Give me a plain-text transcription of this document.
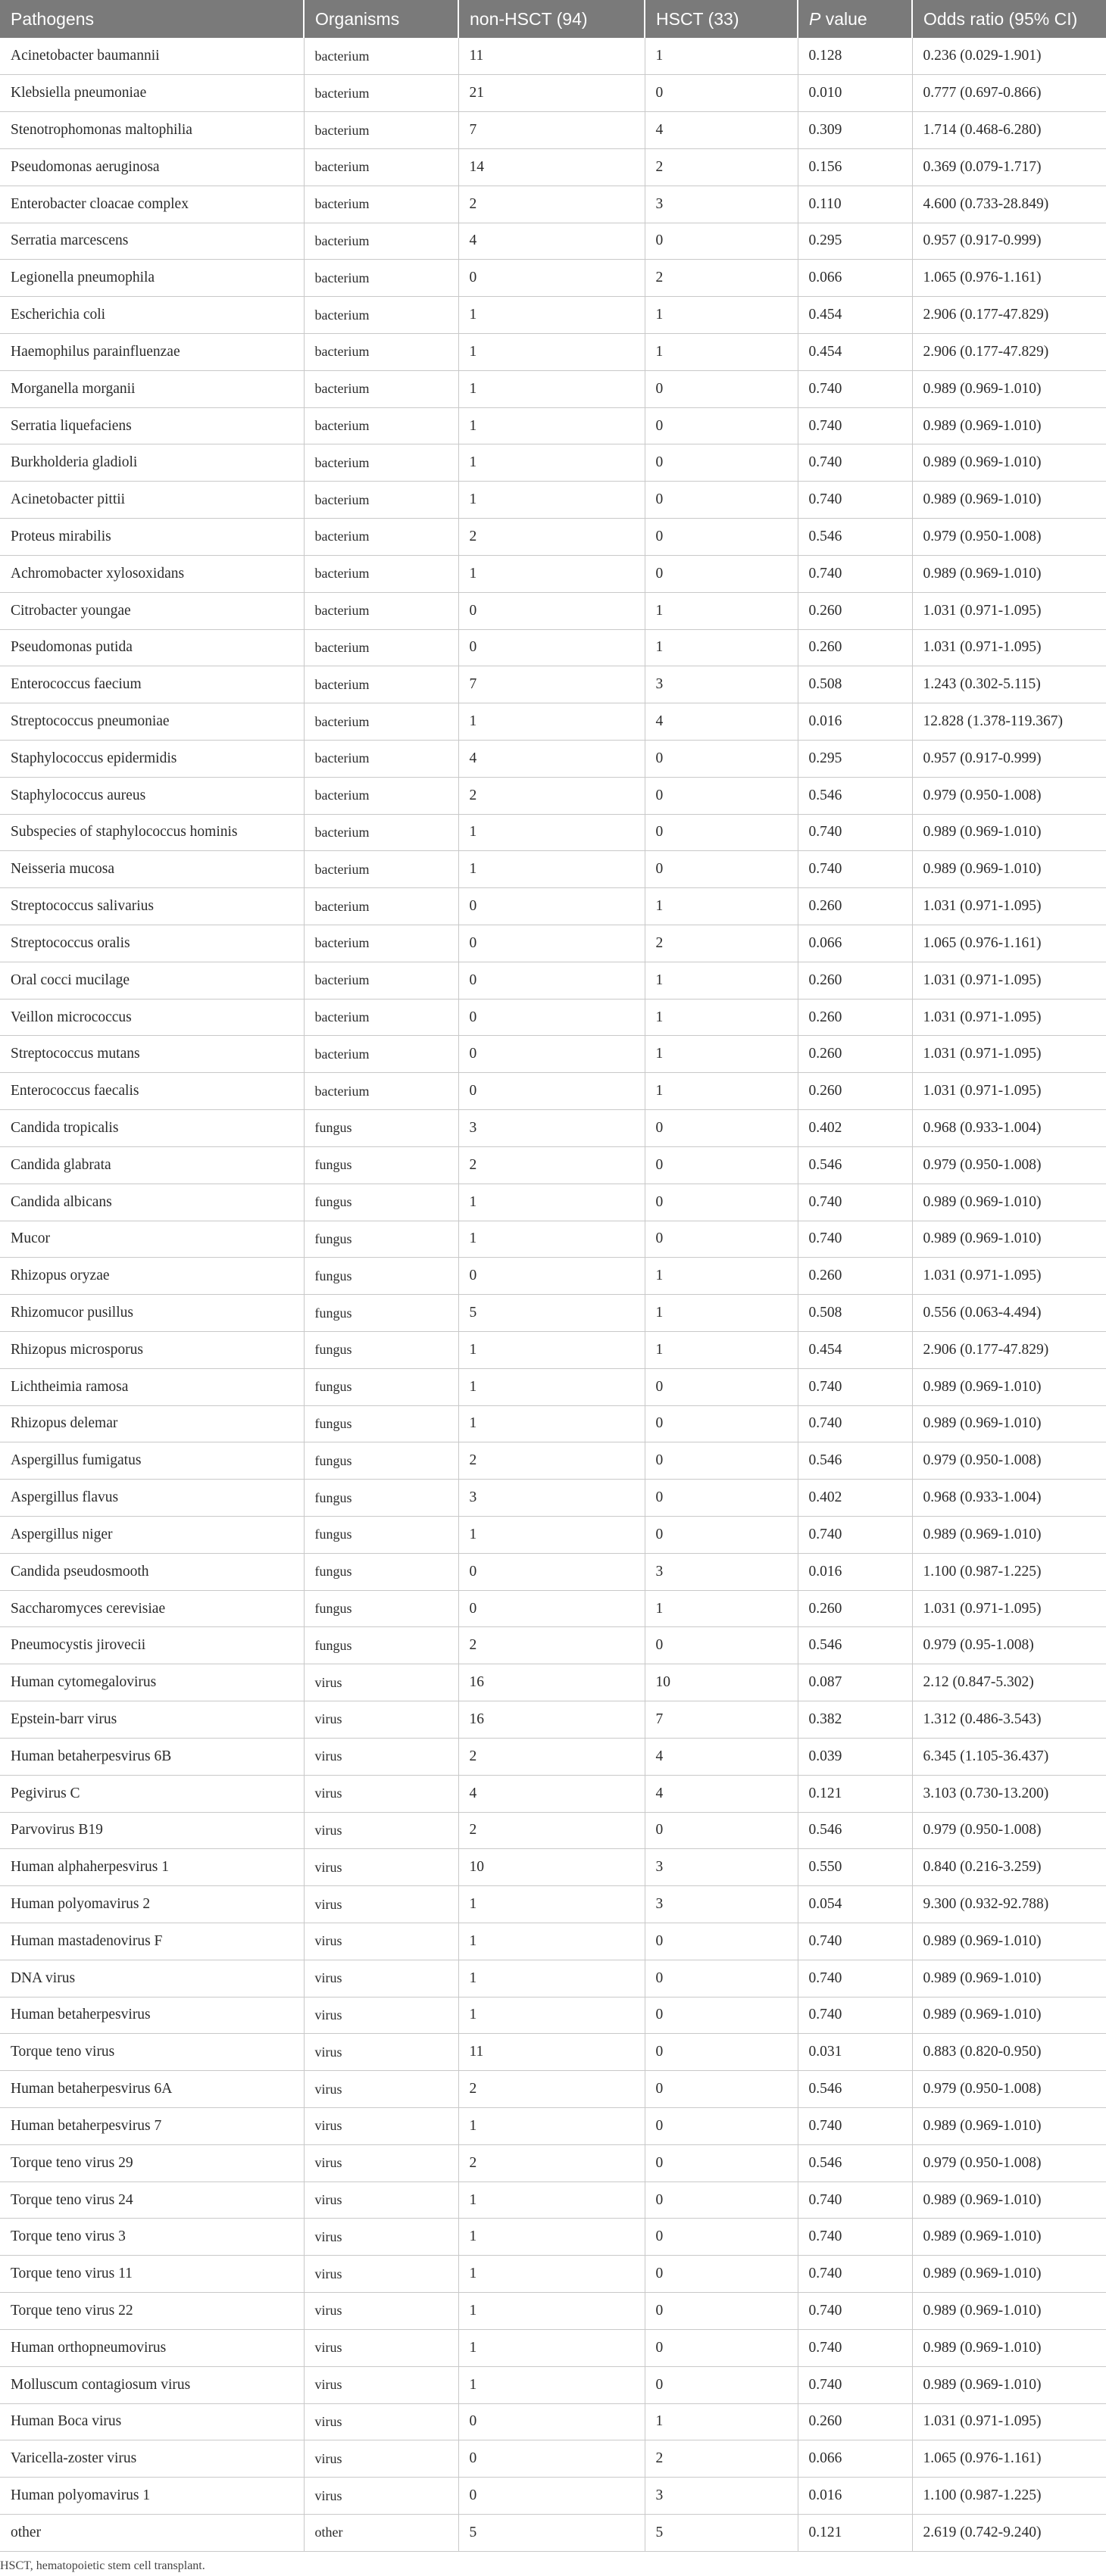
Pathogens	Organisms	non-HSCT (94)	HSCT (33)	P value	Odds ratio (95% CI)
Acinetobacter baumannii	bacterium	11	1	0.128	0.236 (0.029-1.901)
Klebsiella pneumoniae	bacterium	21	0	0.010	0.777 (0.697-0.866)
Stenotrophomonas maltophilia	bacterium	7	4	0.309	1.714 (0.468-6.280)
Pseudomonas aeruginosa	bacterium	14	2	0.156	0.369 (0.079-1.717)
Enterobacter cloacae complex	bacterium	2	3	0.110	4.600 (0.733-28.849)
Serratia marcescens	bacterium	4	0	0.295	0.957 (0.917-0.999)
Legionella pneumophila	bacterium	0	2	0.066	1.065 (0.976-1.161)
Escherichia coli	bacterium	1	1	0.454	2.906 (0.177-47.829)
Haemophilus parainfluenzae	bacterium	1	1	0.454	2.906 (0.177-47.829)
Morganella morganii	bacterium	1	0	0.740	0.989 (0.969-1.010)
Serratia liquefaciens	bacterium	1	0	0.740	0.989 (0.969-1.010)
Burkholderia gladioli	bacterium	1	0	0.740	0.989 (0.969-1.010)
Acinetobacter pittii	bacterium	1	0	0.740	0.989 (0.969-1.010)
Proteus mirabilis	bacterium	2	0	0.546	0.979 (0.950-1.008)
Achromobacter xylosoxidans	bacterium	1	0	0.740	0.989 (0.969-1.010)
Citrobacter youngae	bacterium	0	1	0.260	1.031 (0.971-1.095)
Pseudomonas putida	bacterium	0	1	0.260	1.031 (0.971-1.095)
Enterococcus faecium	bacterium	7	3	0.508	1.243 (0.302-5.115)
Streptococcus pneumoniae	bacterium	1	4	0.016	12.828 (1.378-119.367)
Staphylococcus epidermidis	bacterium	4	0	0.295	0.957 (0.917-0.999)
Staphylococcus aureus	bacterium	2	0	0.546	0.979 (0.950-1.008)
Subspecies of staphylococcus hominis	bacterium	1	0	0.740	0.989 (0.969-1.010)
Neisseria mucosa	bacterium	1	0	0.740	0.989 (0.969-1.010)
Streptococcus salivarius	bacterium	0	1	0.260	1.031 (0.971-1.095)
Streptococcus oralis	bacterium	0	2	0.066	1.065 (0.976-1.161)
Oral cocci mucilage	bacterium	0	1	0.260	1.031 (0.971-1.095)
Veillon micrococcus	bacterium	0	1	0.260	1.031 (0.971-1.095)
Streptococcus mutans	bacterium	0	1	0.260	1.031 (0.971-1.095)
Enterococcus faecalis	bacterium	0	1	0.260	1.031 (0.971-1.095)
Candida tropicalis	fungus	3	0	0.402	0.968 (0.933-1.004)
Candida glabrata	fungus	2	0	0.546	0.979 (0.950-1.008)
Candida albicans	fungus	1	0	0.740	0.989 (0.969-1.010)
Mucor	fungus	1	0	0.740	0.989 (0.969-1.010)
Rhizopus oryzae	fungus	0	1	0.260	1.031 (0.971-1.095)
Rhizomucor pusillus	fungus	5	1	0.508	0.556 (0.063-4.494)
Rhizopus microsporus	fungus	1	1	0.454	2.906 (0.177-47.829)
Lichtheimia ramosa	fungus	1	0	0.740	0.989 (0.969-1.010)
Rhizopus delemar	fungus	1	0	0.740	0.989 (0.969-1.010)
Aspergillus fumigatus	fungus	2	0	0.546	0.979 (0.950-1.008)
Aspergillus flavus	fungus	3	0	0.402	0.968 (0.933-1.004)
Aspergillus niger	fungus	1	0	0.740	0.989 (0.969-1.010)
Candida pseudosmooth	fungus	0	3	0.016	1.100 (0.987-1.225)
Saccharomyces cerevisiae	fungus	0	1	0.260	1.031 (0.971-1.095)
Pneumocystis jirovecii	fungus	2	0	0.546	0.979 (0.95-1.008)
Human cytomegalovirus	virus	16	10	0.087	2.12 (0.847-5.302)
Epstein-barr virus	virus	16	7	0.382	1.312 (0.486-3.543)
Human betaherpesvirus 6B	virus	2	4	0.039	6.345 (1.105-36.437)
Pegivirus C	virus	4	4	0.121	3.103 (0.730-13.200)
Parvovirus B19	virus	2	0	0.546	0.979 (0.950-1.008)
Human alphaherpesvirus 1	virus	10	3	0.550	0.840 (0.216-3.259)
Human polyomavirus 2	virus	1	3	0.054	9.300 (0.932-92.788)
Human mastadenovirus F	virus	1	0	0.740	0.989 (0.969-1.010)
DNA virus	virus	1	0	0.740	0.989 (0.969-1.010)
Human betaherpesvirus	virus	1	0	0.740	0.989 (0.969-1.010)
Torque teno virus	virus	11	0	0.031	0.883 (0.820-0.950)
Human betaherpesvirus 6A	virus	2	0	0.546	0.979 (0.950-1.008)
Human betaherpesvirus 7	virus	1	0	0.740	0.989 (0.969-1.010)
Torque teno virus 29	virus	2	0	0.546	0.979 (0.950-1.008)
Torque teno virus 24	virus	1	0	0.740	0.989 (0.969-1.010)
Torque teno virus 3	virus	1	0	0.740	0.989 (0.969-1.010)
Torque teno virus 11	virus	1	0	0.740	0.989 (0.969-1.010)
Torque teno virus 22	virus	1	0	0.740	0.989 (0.969-1.010)
Human orthopneumovirus	virus	1	0	0.740	0.989 (0.969-1.010)
Molluscum contagiosum virus	virus	1	0	0.740	0.989 (0.969-1.010)
Human Boca virus	virus	0	1	0.260	1.031 (0.971-1.095)
Varicella-zoster virus	virus	0	2	0.066	1.065 (0.976-1.161)
Human polyomavirus 1	virus	0	3	0.016	1.100 (0.987-1.225)
other	other	5	5	0.121	2.619 (0.742-9.240)
HSCT, hematopoietic stem cell transplant.
